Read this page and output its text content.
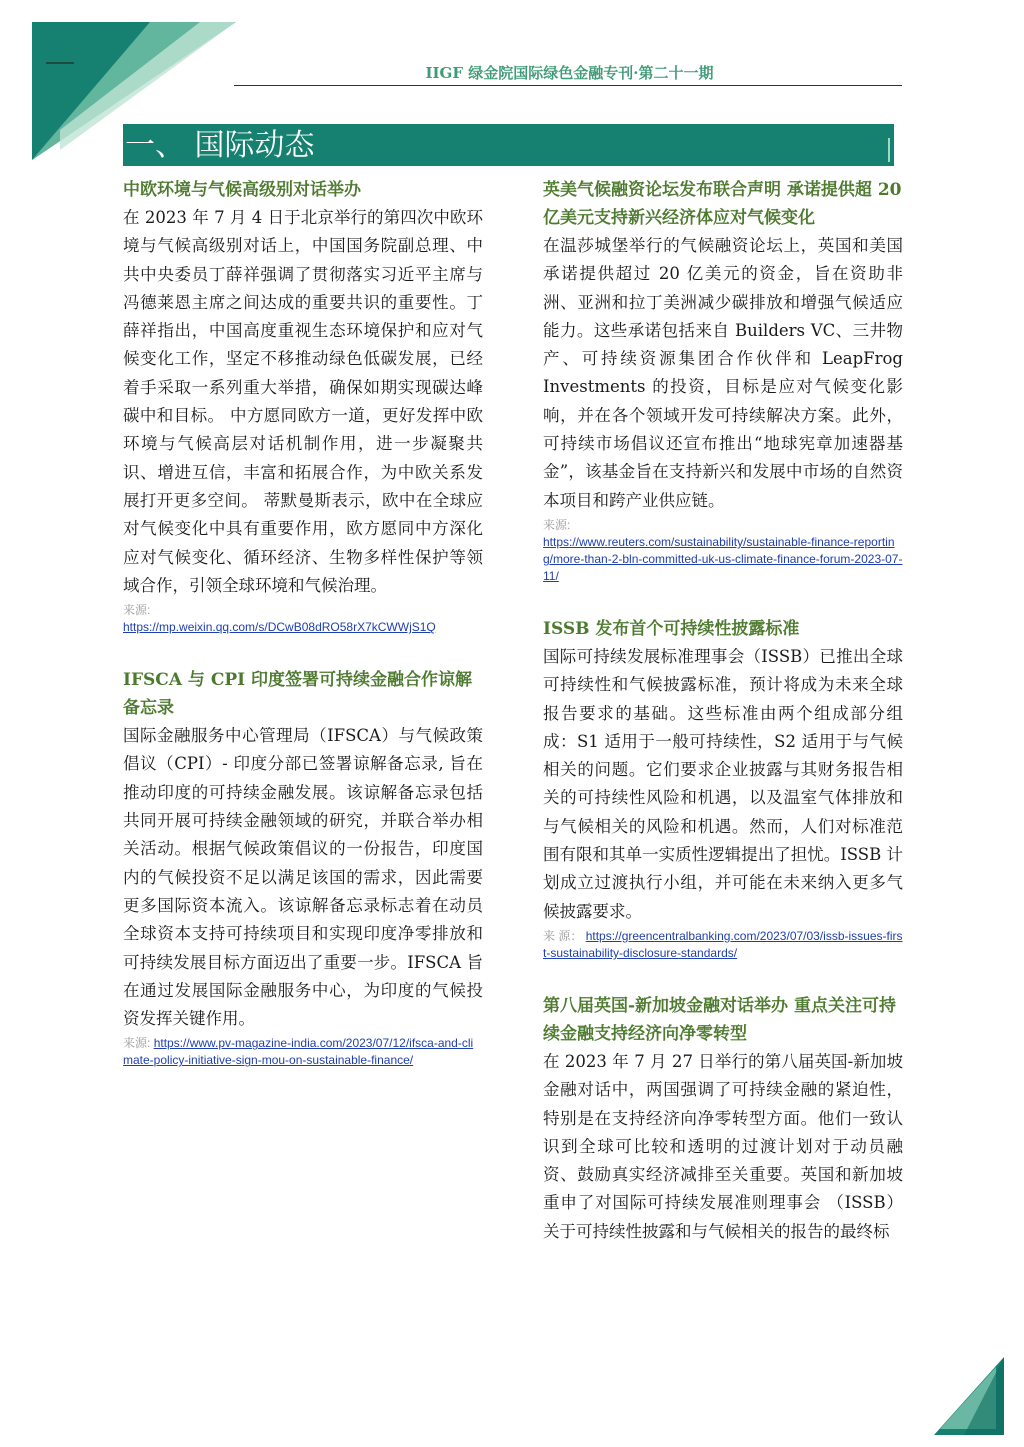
IIGF 绿金院国际绿色金融专刊·第二十一期
一、 国际动态

中欧环境与气候高级别对话举办

在 2023 年 7 月 4 日于北京举行的第四次中欧环境与气候高级别对话上，中国国务院副总理、中共中央委员丁薛祥强调了贯彻落实习近平主席与冯德莱恩主席之间达成的重要共识的重要性。丁薛祥指出，中国高度重视生态环境保护和应对气候变化工作，坚定不移推动绿色低碳发展，已经着手采取一系列重大举措，确保如期实现碳达峰碳中和目标。 中方愿同欧方一道，更好发挥中欧环境与气候高层对话机制作用，进一步凝聚共识、增进互信，丰富和拓展合作，为中欧关系发展打开更多空间。 蒂默曼斯表示，欧中在全球应对气候变化中具有重要作用，欧方愿同中方深化应对气候变化、循环经济、生物多样性保护等领域合作，引领全球环境和气候治理。

来源:
https://mp.weixin.qq.com/s/DCwB08dRO58rX7kCWWjS1Q

IFSCA 与 CPI 印度签署可持续金融合作谅解备忘录

国际金融服务中心管理局（IFSCA）与气候政策倡议（CPI）- 印度分部已签署谅解备忘录, 旨在推动印度的可持续金融发展。该谅解备忘录包括共同开展可持续金融领域的研究，并联合举办相关活动。根据气候政策倡议的一份报告，印度国内的气候投资不足以满足该国的需求，因此需要更多国际资本流入。该谅解备忘录标志着在动员全球资本支持可持续项目和实现印度净零排放和可持续发展目标方面迈出了重要一步。IFSCA 旨在通过发展国际金融服务中心，为印度的气候投资发挥关键作用。

来源: https://www.pv-magazine-india.com/2023/07/12/ifsca-and-climate-policy-initiative-sign-mou-on-sustainable-finance/

英美气候融资论坛发布联合声明 承诺提供超 20 亿美元支持新兴经济体应对气候变化

在温莎城堡举行的气候融资论坛上，英国和美国承诺提供超过 20 亿美元的资金，旨在资助非洲、亚洲和拉丁美洲减少碳排放和增强气候适应能力。这些承诺包括来自 Builders VC、三井物产、可持续资源集团合作伙伴和 LeapFrog Investments 的投资，目标是应对气候变化影响，并在各个领域开发可持续解决方案。此外，可持续市场倡议还宣布推出“地球宪章加速器基金”，该基金旨在支持新兴和发展中市场的自然资本项目和跨产业供应链。

来源:
https://www.reuters.com/sustainability/sustainable-finance-reporting/more-than-2-bln-committed-uk-us-climate-finance-forum-2023-07-11/

ISSB 发布首个可持续性披露标准

国际可持续发展标准理事会（ISSB）已推出全球可持续性和气候披露标准，预计将成为未来全球报告要求的基础。这些标准由两个组成部分组成：S1 适用于一般可持续性，S2 适用于与气候相关的问题。它们要求企业披露与其财务报告相关的可持续性风险和机遇，以及温室气体排放和与气候相关的风险和机遇。然而，人们对标准范围有限和其单一实质性逻辑提出了担忧。ISSB 计划成立过渡执行小组，并可能在未来纳入更多气候披露要求。

来 源： https://greencentralbanking.com/2023/07/03/issb-issues-first-sustainability-disclosure-standards/

第八届英国-新加坡金融对话举办 重点关注可持续金融支持经济向净零转型

在 2023 年 7 月 27 日举行的第八届英国-新加坡金融对话中，两国强调了可持续金融的紧迫性，特别是在支持经济向净零转型方面。他们一致认识到全球可比较和透明的过渡计划对于动员融资、鼓励真实经济减排至关重要。英国和新加坡重申了对国际可持续发展准则理事会 （ISSB） 关于可持续性披露和与气候相关的报告的最终标
